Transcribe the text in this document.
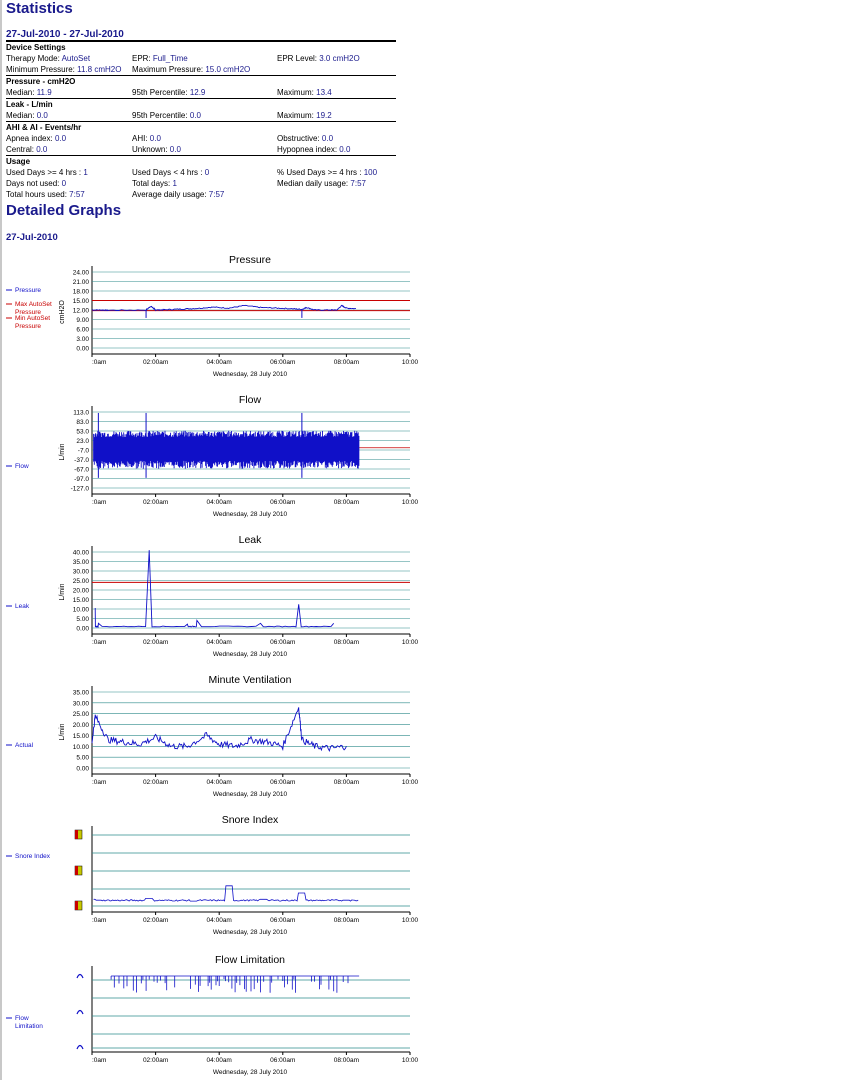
Statistics
27-Jul-2010 - 27-Jul-2010
Device Settings		
Therapy Mode: AutoSet	EPR: Full_Time	EPR Level: 3.0 cmH2O
Minimum Pressure: 11.8 cmH2O	Maximum Pressure: 15.0 cmH2O	
Pressure - cmH2O		
Median: 11.9	95th Percentile: 12.9	Maximum: 13.4
Leak - L/min		
Median: 0.0	95th Percentile: 0.0	Maximum: 19.2
AHI & AI - Events/hr		
Apnea index: 0.0	AHI: 0.0	Obstructive: 0.0
Central: 0.0	Unknown: 0.0	Hypopnea index: 0.0
Usage		
Used Days >= 4 hrs : 1	Used Days < 4 hrs : 0	% Used Days >= 4 hrs : 100
Days not used: 0	Total days: 1	Median daily usage: 7:57
Total hours used: 7:57	Average daily usage: 7:57	
Detailed Graphs
27-Jul-2010
Pressure
:0am	02:00am	04:00am	06:00am	08:00am	10:00
Wednesday, 28 July 2010
Pressure
Max AutoSet Pressure
Min AutoSet Pressure
24.00
21.00
18.00
15.00
12.00
9.00
6.00
3.00
0.00
cmH2O
Flow
:0am	02:00am	04:00am	06:00am	08:00am	10:00
Wednesday, 28 July 2010
Flow
113.0
83.0
53.0
23.0
-7.0
-37.0
-67.0
-97.0
-127.0
L/min
Leak
:0am	02:00am	04:00am	06:00am	08:00am	10:00
Wednesday, 28 July 2010
Leak
40.00
35.00
30.00
25.00
20.00
15.00
10.00
5.00
0.00
L/min
Minute Ventilation
:0am	02:00am	04:00am	06:00am	08:00am	10:00
Wednesday, 28 July 2010
Actual
35.00
30.00
25.00
20.00
15.00
10.00
5.00
0.00
L/min
Snore Index
:0am	02:00am	04:00am	06:00am	08:00am	10:00
Wednesday, 28 July 2010
Snore Index
Flow Limitation
:0am	02:00am	04:00am	06:00am	08:00am	10:00
Wednesday, 28 July 2010
Flow Limitation
